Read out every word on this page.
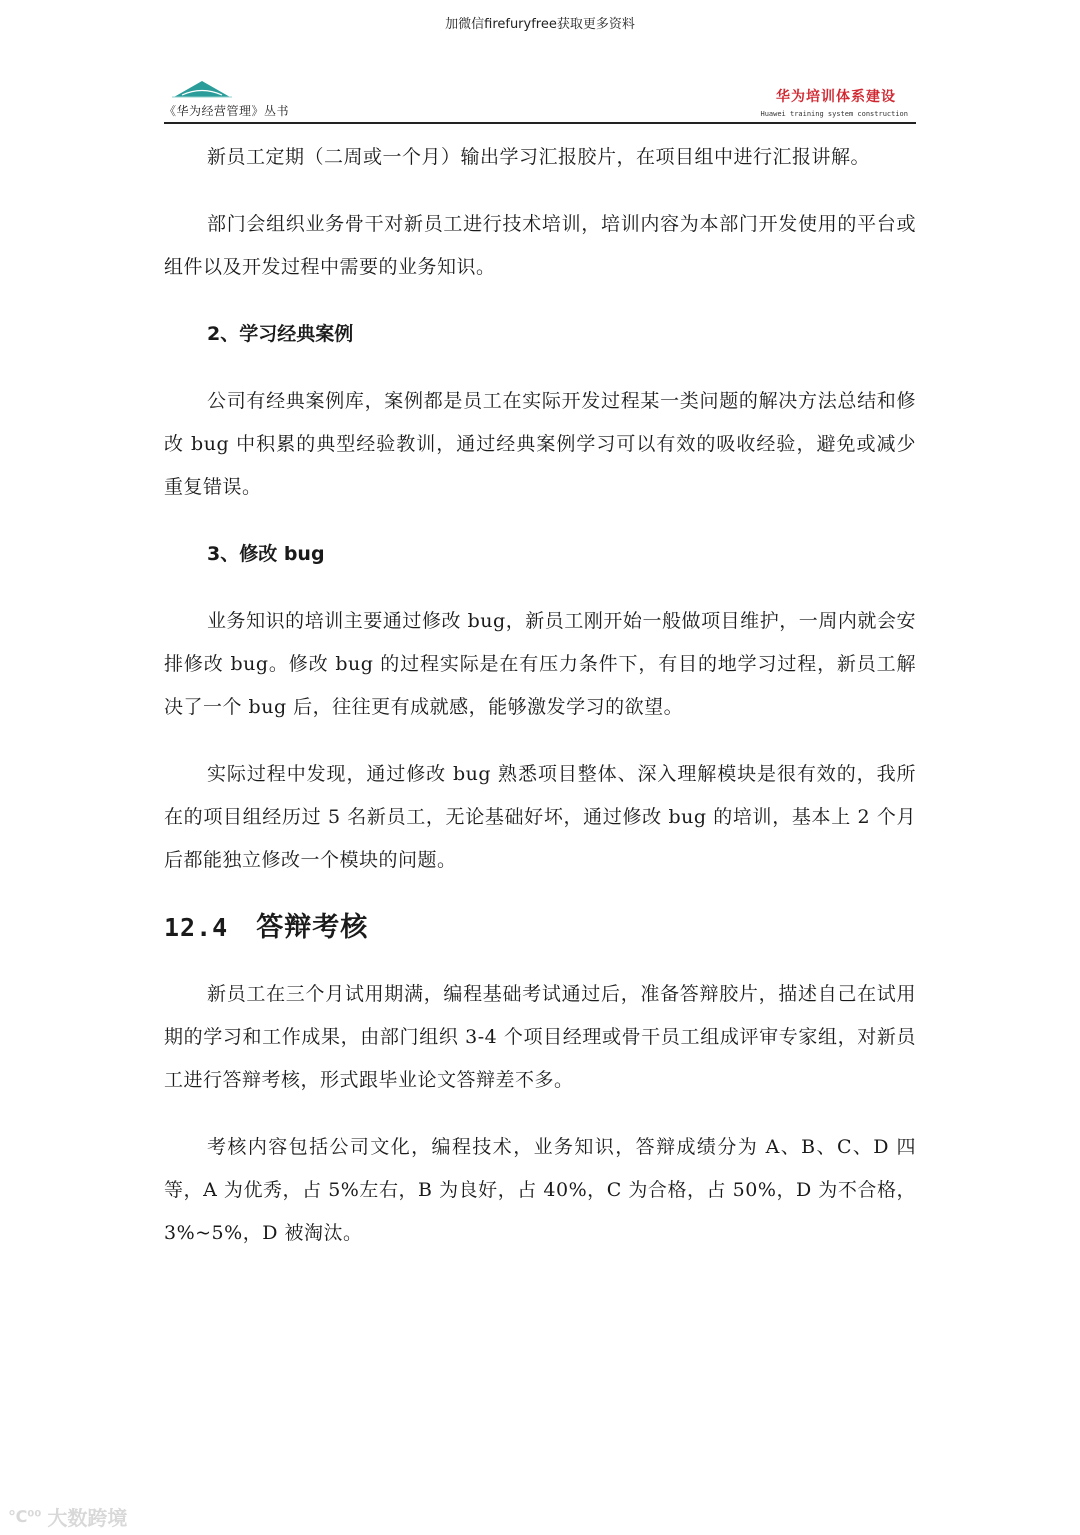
加微信firefuryfree获取更多资料
《华为经营管理》丛书
华为培训体系建设
Huawei training system construction

新员工定期（二周或一个月）输出学习汇报胶片，在项目组中进行汇报讲解。

部门会组织业务骨干对新员工进行技术培训，培训内容为本部门开发使用的平台或组件以及开发过程中需要的业务知识。

2、学习经典案例

公司有经典案例库，案例都是员工在实际开发过程某一类问题的解决方法总结和修改 bug 中积累的典型经验教训，通过经典案例学习可以有效的吸收经验，避免或减少重复错误。

3、修改 bug

业务知识的培训主要通过修改 bug，新员工刚开始一般做项目维护，一周内就会安排修改 bug。修改 bug 的过程实际是在有压力条件下，有目的地学习过程，新员工解决了一个 bug 后，往往更有成就感，能够激发学习的欲望。

实际过程中发现，通过修改 bug 熟悉项目整体、深入理解模块是很有效的，我所在的项目组经历过 5 名新员工，无论基础好坏，通过修改 bug 的培训，基本上 2 个月后都能独立修改一个模块的问题。

12.4 答辩考核

新员工在三个月试用期满，编程基础考试通过后，准备答辩胶片，描述自己在试用期的学习和工作成果，由部门组织 3-4 个项目经理或骨干员工组成评审专家组，对新员工进行答辩考核，形式跟毕业论文答辩差不多。

考核内容包括公司文化，编程技术，业务知识，答辩成绩分为 A、B、C、D 四等，A 为优秀，占 5%左右，B 为良好，占 40%，C 为合格，占 50%，D 为不合格，3%~5%，D 被淘汰。

℃⁰⁰ 大数跨境
